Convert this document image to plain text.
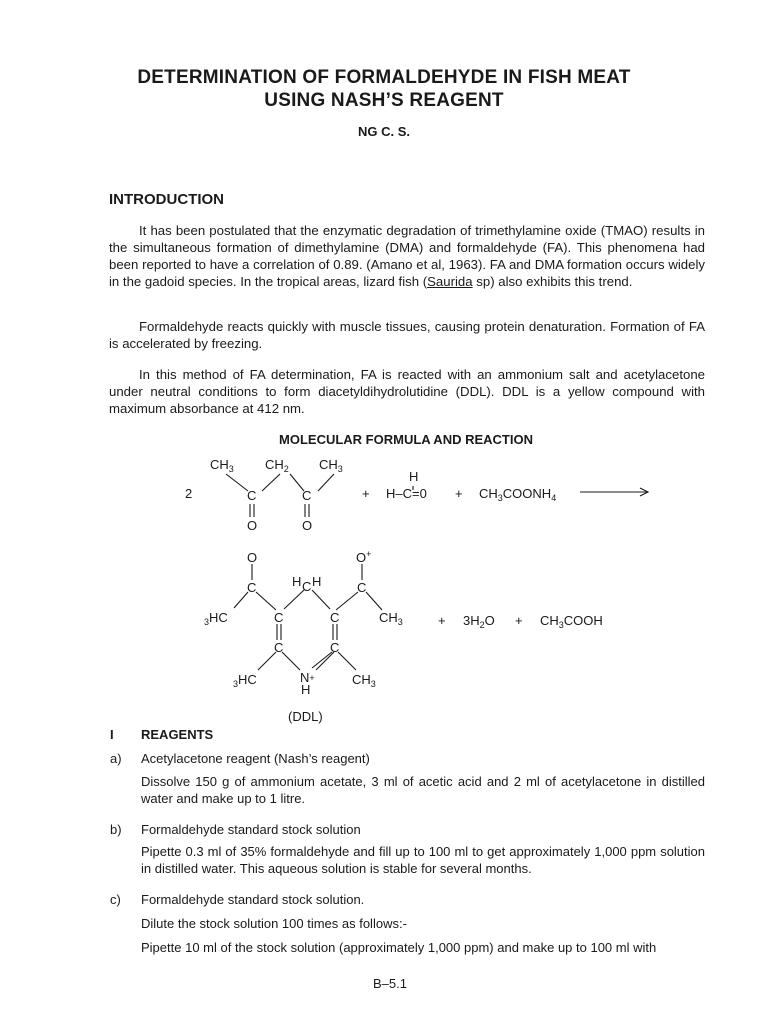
DETERMINATION OF FORMALDEHYDE IN FISH MEAT
USING NASH’S REAGENT
NG C. S.
INTRODUCTION
It has been postulated that the enzymatic degradation of trimethylamine oxide (TMAO) results in the simultaneous formation of dimethylamine (DMA) and formaldehyde (FA). This phenomena had been reported to have a correlation of 0.89. (Amano et al, 1963). FA and DMA formation occurs widely in the gadoid species. In the tropical areas, lizard fish (Saurida sp) also exhibits this trend.
Formaldehyde reacts quickly with muscle tissues, causing protein denaturation. Formation of FA is accelerated by freezing.
In this method of FA determination, FA is reacted with an ammonium salt and acetylacetone under neutral conditions to form diacetyldihydrolutidine (DDL). DDL is a yellow compound with maximum absorbance at 412 nm.
MOLECULAR FORMULA AND REACTION
2
$CH_3$ $CH_2$ $CH_3$
C	C
O	O
+
H
$H-C=0 + CH_3COONH_4$
O	O+
C	C
H C H
$_3$HC	C	C	$CH_3$	+ $3H_2O$ + $CH_3COOH$
C	C
$_3$HC	N+
H
$CH_3$
(DDL)
I REAGENTS
a) Acetylacetone reagent (Nash’s reagent)
Dissolve 150 g of ammonium acetate, 3 ml of acetic acid and 2 ml of acetylacetone in distilled water and make up to 1 litre.
b) Formaldehyde standard stock solution
Pipette 0.3 ml of 35% formaldehyde and fill up to 100 ml to get approximately 1,000 ppm solution in distilled water. This aqueous solution is stable for several months.
c) Formaldehyde standard stock solution.
Dilute the stock solution 100 times as follows:-
Pipette 10 ml of the stock solution (approximately 1,000 ppm) and make up to 100 ml with
B–5.1
